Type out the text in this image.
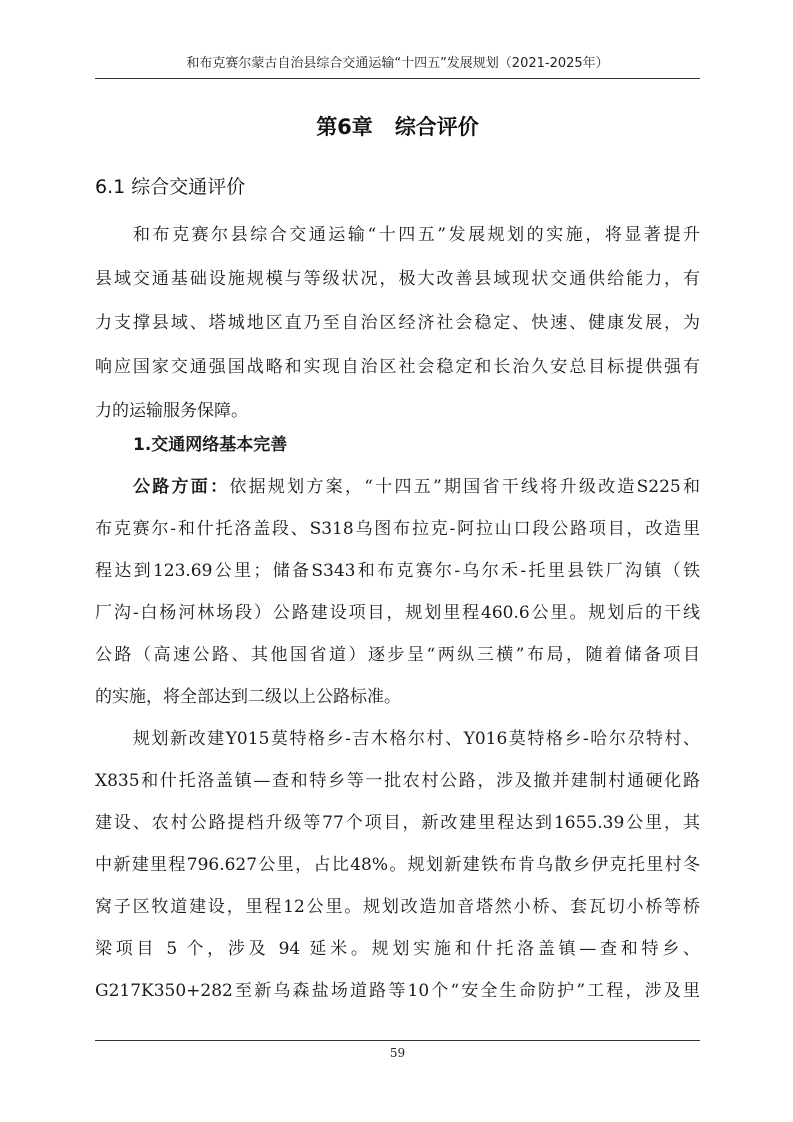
和布克赛尔蒙古自治县综合交通运输“十四五”发展规划（2021-2025年）
第6章 综合评价
6.1 综合交通评价
和布克赛尔县综合交通运输“十四五”发展规划的实施，将显著提升
县域交通基础设施规模与等级状况，极大改善县域现状交通供给能力，有
力支撑县域、塔城地区直乃至自治区经济社会稳定、快速、健康发展，为
响应国家交通强国战略和实现自治区社会稳定和长治久安总目标提供强有
力的运输服务保障。
1.交通网络基本完善
公路方面：依据规划方案，“十四五”期国省干线将升级改造S225和
布克赛尔-和什托洛盖段、S318乌图布拉克-阿拉山口段公路项目，改造里
程达到123.69公里；储备S343和布克赛尔-乌尔禾-托里县铁厂沟镇（铁
厂沟-白杨河林场段）公路建设项目，规划里程460.6公里。规划后的干线
公路（高速公路、其他国省道）逐步呈“两纵三横”布局，随着储备项目
的实施，将全部达到二级以上公路标准。
规划新改建Y015莫特格乡-吉木格尔村、Y016莫特格乡-哈尔尕特村、
X835和什托洛盖镇—查和特乡等一批农村公路，涉及撤并建制村通硬化路
建设、农村公路提档升级等77个项目，新改建里程达到1655.39公里，其
中新建里程796.627公里，占比48%。规划新建铁布肯乌散乡伊克托里村冬
窝子区牧道建设，里程12公里。规划改造加音塔然小桥、套瓦切小桥等桥
梁项目 5 个，涉及 94 延米。规划实施和什托洛盖镇—查和特乡、
G217K350+282至新乌森盐场道路等10个“安全生命防护”工程，涉及里
59
